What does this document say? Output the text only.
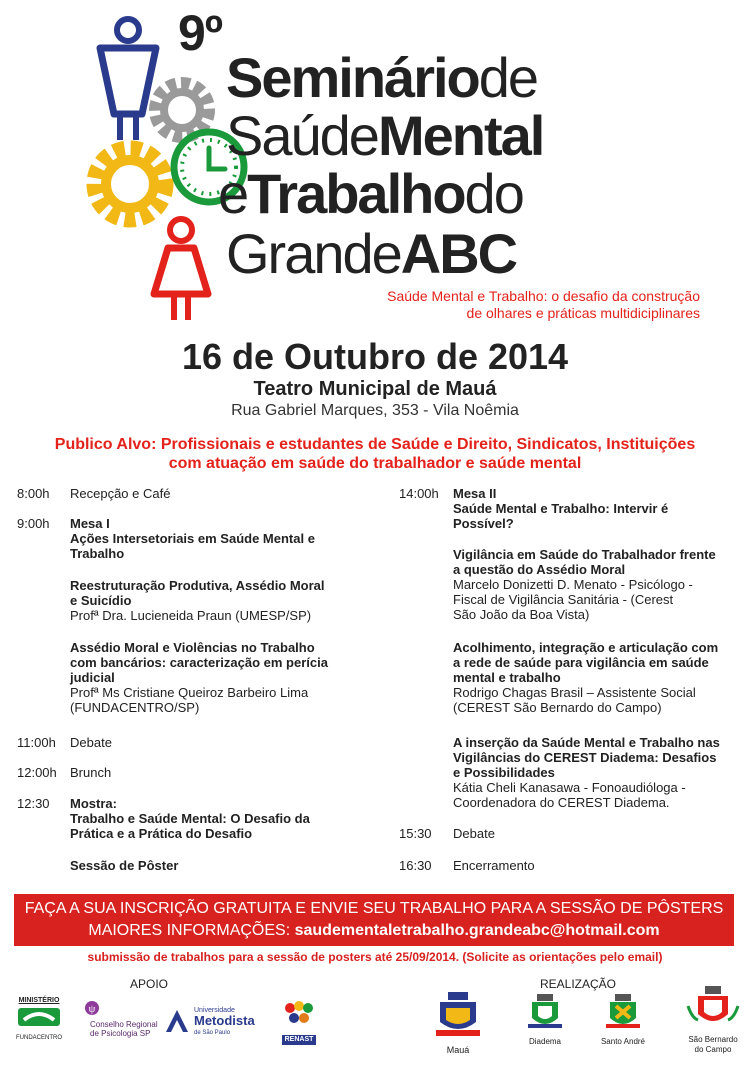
9º
Semináriode
SaúdeMental
eTrabalhodo
GrandeABC
Saúde Mental e Trabalho: o desafio da construção
de olhares e práticas multidiciplinares
16 de Outubro de 2014
Teatro Municipal de Mauá
Rua Gabriel Marques, 353 - Vila Noêmia
Publico Alvo: Profissionais e estudantes de Saúde e Direito, Sindicatos, Instituições
com atuação em saúde do trabalhador e saúde mental
8:00h Recepção e Café
9:00h Mesa I
Ações Intersetoriais em Saúde Mental e
Trabalho
Reestruturação Produtiva, Assédio Moral
e Suicídio
Profª Dra. Lucieneida Praun (UMESP/SP)
Assédio Moral e Violências no Trabalho
com bancários: caracterização em perícia
judicial
Profª Ms Cristiane Queiroz Barbeiro Lima
(FUNDACENTRO/SP)
11:00h Debate
12:00h Brunch
12:30 Mostra:
Trabalho e Saúde Mental: O Desafio da
Prática e a Prática do Desafio
Sessão de Pôster
14:00h Mesa II
Saúde Mental e Trabalho: Intervir é
Possível?
Vigilância em Saúde do Trabalhador frente
a questão do Assédio Moral
Marcelo Donizetti D. Menato - Psicólogo -
Fiscal de Vigilância Sanitária - (Cerest
São João da Boa Vista)
Acolhimento, integração e articulação com
a rede de saúde para vigilância em saúde
mental e trabalho
Rodrigo Chagas Brasil – Assistente Social
(CEREST São Bernardo do Campo)
A inserção da Saúde Mental e Trabalho nas
Vigilâncias do CEREST Diadema: Desafios
e Possibilidades
Kátia Cheli Kanasawa - Fonoaudióloga -
Coordenadora do CEREST Diadema.
15:30 Debate
16:30 Encerramento
FAÇA A SUA INSCRIÇÃO GRATUITA E ENVIE SEU TRABALHO PARA A SESSÃO DE PÔSTERS
MAIORES INFORMAÇÕES: saudementaletrabalho.grandeabc@hotmail.com
submissão de trabalhos para a sessão de posters até 25/09/2014. (Solicite as orientações pelo email)
APOIO	REALIZAÇÃO
MINISTÉRIO
FUNDACENTRO
ψ
Conselho Regional
de Psicologia SP
Universidade
Metodista
de São Paulo
RENAST
Mauá
Diadema	Santo André	São Bernardo
do Campo
